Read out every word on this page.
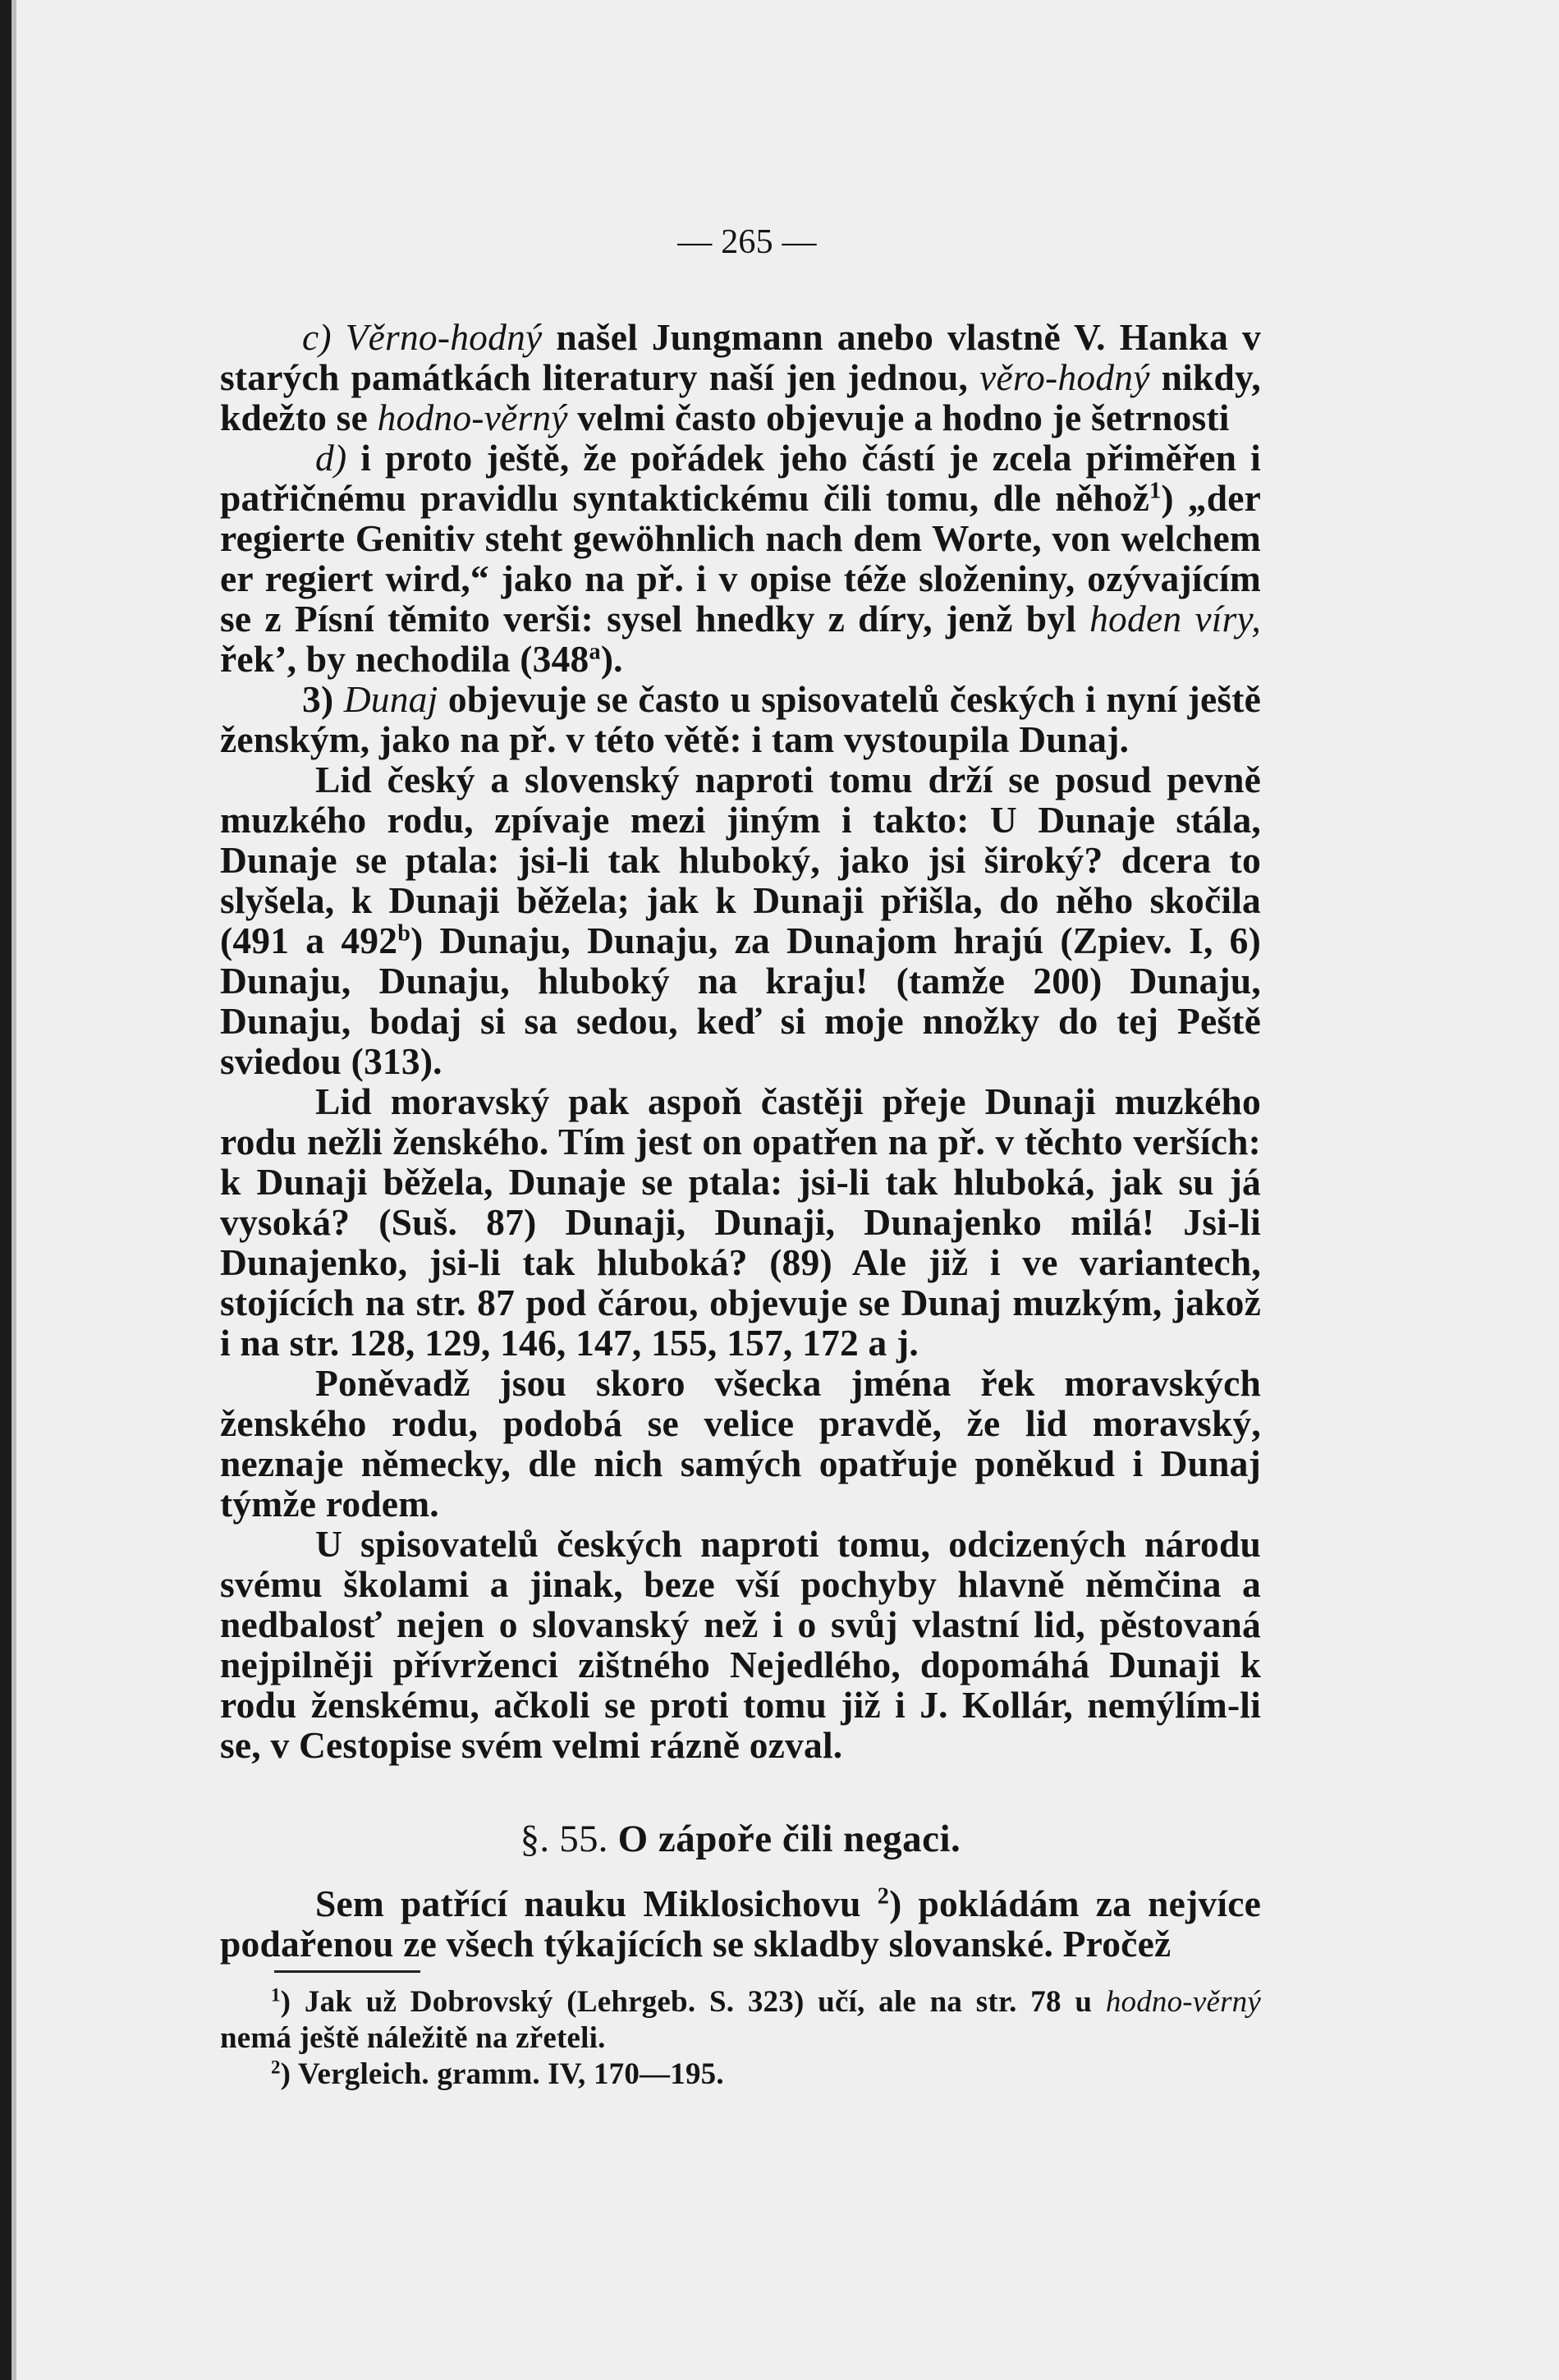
— 265 —

c) Věrno-hodný našel Jungmann anebo vlastně V. Hanka v starých památkách literatury naší jen jednou, věro-hodný nikdy, kdežto se hodno-věrný velmi často objevuje a hodno je šetrnosti

d) i proto ještě, že pořádek jeho částí je zcela přiměřen i patřičnému pravidlu syntaktickému čili tomu, dle něhož$^1$) „der regierte Genitiv steht gewöhnlich nach dem Worte, von welchem er regiert wird,“ jako na př. i v opise téže složeniny, ozývajícím se z Písní těmito verši: sysel hnedky z díry, jenž byl hoden víry, řek’, by nechodila (348$^a$).

3) Dunaj objevuje se často u spisovatelů českých i nyní ještě ženským, jako na př. v této větě: i tam vystoupila Dunaj.

Lid český a slovenský naproti tomu drží se posud pevně muzkého rodu, zpívaje mezi jiným i takto: U Dunaje stála, Dunaje se ptala: jsi-li tak hluboký, jako jsi široký? dcera to slyšela, k Dunaji běžela; jak k Dunaji přišla, do něho skočila (491 a 492$^b$) Dunaju, Dunaju, za Dunajom hrajú (Zpiev. I, 6) Dunaju, Dunaju, hluboký na kraju! (tamže 200) Dunaju, Dunaju, bodaj si sa sedou, keď si moje nnožky do tej Peště sviedou (313).

Lid moravský pak aspoň častěji přeje Dunaji muzkého rodu nežli ženského. Tím jest on opatřen na př. v těchto verších: k Dunaji běžela, Dunaje se ptala: jsi-li tak hluboká, jak su já vysoká? (Suš. 87) Dunaji, Dunaji, Dunajenko milá! Jsi-li Dunajenko, jsi-li tak hluboká? (89) Ale již i ve variantech, stojících na str. 87 pod čárou, objevuje se Dunaj muzkým, jakož i na str. 128, 129, 146, 147, 155, 157, 172 a j.

Poněvadž jsou skoro všecka jména řek moravských ženského rodu, podobá se velice pravdě, že lid moravský, neznaje německy, dle nich samých opatřuje poněkud i Dunaj týmže rodem.

U spisovatelů českých naproti tomu, odcizených národu svému školami a jinak, beze vší pochyby hlavně němčina a nedbalosť nejen o slovanský než i o svůj vlastní lid, pěstovaná nejpilněji přívrženci zištného Nejedlého, dopomáhá Dunaji k rodu ženskému, ačkoli se proti tomu již i J. Kollár, nemýlím-li se, v Cestopise svém velmi rázně ozval.

§. 55. O zápoře čili negaci.

Sem patřící nauku Miklosichovu $^2$) pokládám za nejvíce podařenou ze všech týkajících se skladby slovanské. Pročež

$^1$) Jak už Dobrovský (Lehrgeb. S. 323) učí, ale na str. 78 u hodno-věrný nemá ještě náležitě na zřeteli.

$^2$) Vergleich. gramm. IV, 170—195.
